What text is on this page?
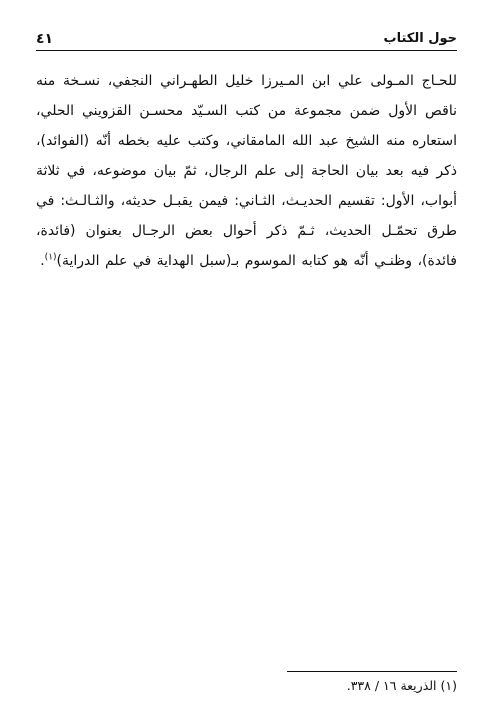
حول الكتاب
٤١
للحـاج المـولى علي ابن المـيرزا خليل الطهـراني النجفي، نسـخة منه ناقص الأول ضمن مجموعة من كتب السـيّد محسـن القزويني الحلي، استعاره منه الشيخ عبد الله المامقاني، وكتب عليه بخطه أنّه (الفوائد)، ذكر فيه بعد بيان الحاجة إلى علم الرجال، ثمّ بيان موضوعه، في ثلاثة أبواب، الأول: تقسيم الحديـث، الثـاني: فيمن يقبـل حديثه، والثـالـث: في طرق تحمّـل الحديث، ثـمّ ذكر أحوال بعض الرجـال بعنوان (فائدة، فائدة)، وظنـي أنّه هو كتابه الموسوم بـ(سبل الهداية في علم الدراية)$^{(١)}$.
(١) الذريعة ١٦ / ٣٣٨.
